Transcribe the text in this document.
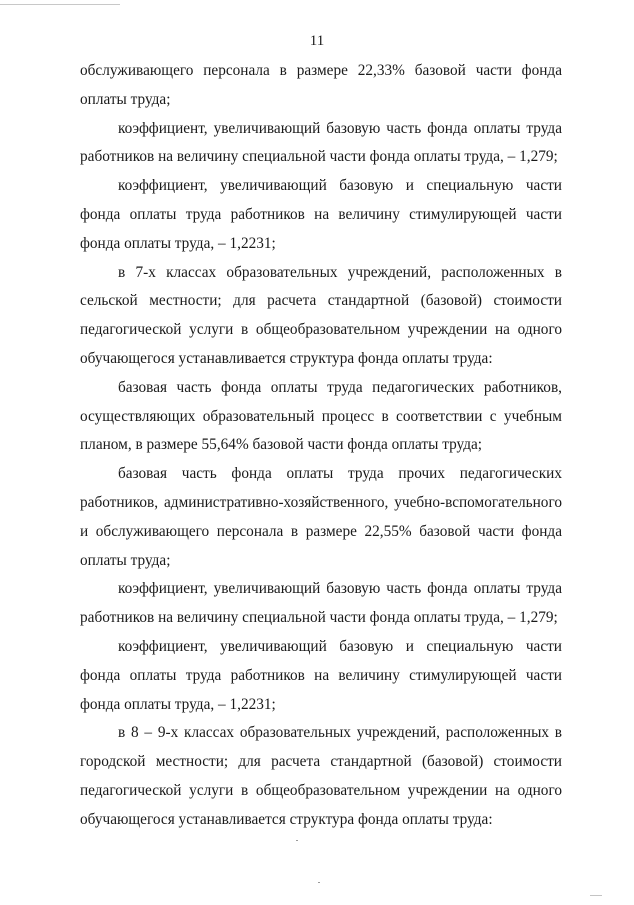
11

обслуживающего персонала в размере 22,33% базовой части фонда оплаты труда;

коэффициент, увеличивающий базовую часть фонда оплаты труда работников на величину специальной части фонда оплаты труда, – 1,279;

коэффициент, увеличивающий базовую и специальную части фонда оплаты труда работников на величину стимулирующей части фонда оплаты труда, – 1,2231;

в 7-х классах образовательных учреждений, расположенных в сельской местности; для расчета стандартной (базовой) стоимости педагогической услуги в общеобразовательном учреждении на одного обучающегося устанавливается структура фонда оплаты труда:

базовая часть фонда оплаты труда педагогических работников, осуществляющих образовательный процесс в соответствии с учебным планом, в размере 55,64% базовой части фонда оплаты труда;

базовая часть фонда оплаты труда прочих педагогических работников, административно-хозяйственного, учебно-вспомогательного и обслуживающего персонала в размере 22,55% базовой части фонда оплаты труда;

коэффициент, увеличивающий базовую часть фонда оплаты труда работников на величину специальной части фонда оплаты труда, – 1,279;

коэффициент, увеличивающий базовую и специальную части фонда оплаты труда работников на величину стимулирующей части фонда оплаты труда, – 1,2231;

в 8 – 9-х классах образовательных учреждений, расположенных в городской местности; для расчета стандартной (базовой) стоимости педагогической услуги в общеобразовательном учреждении на одного обучающегося устанавливается структура фонда оплаты труда:
